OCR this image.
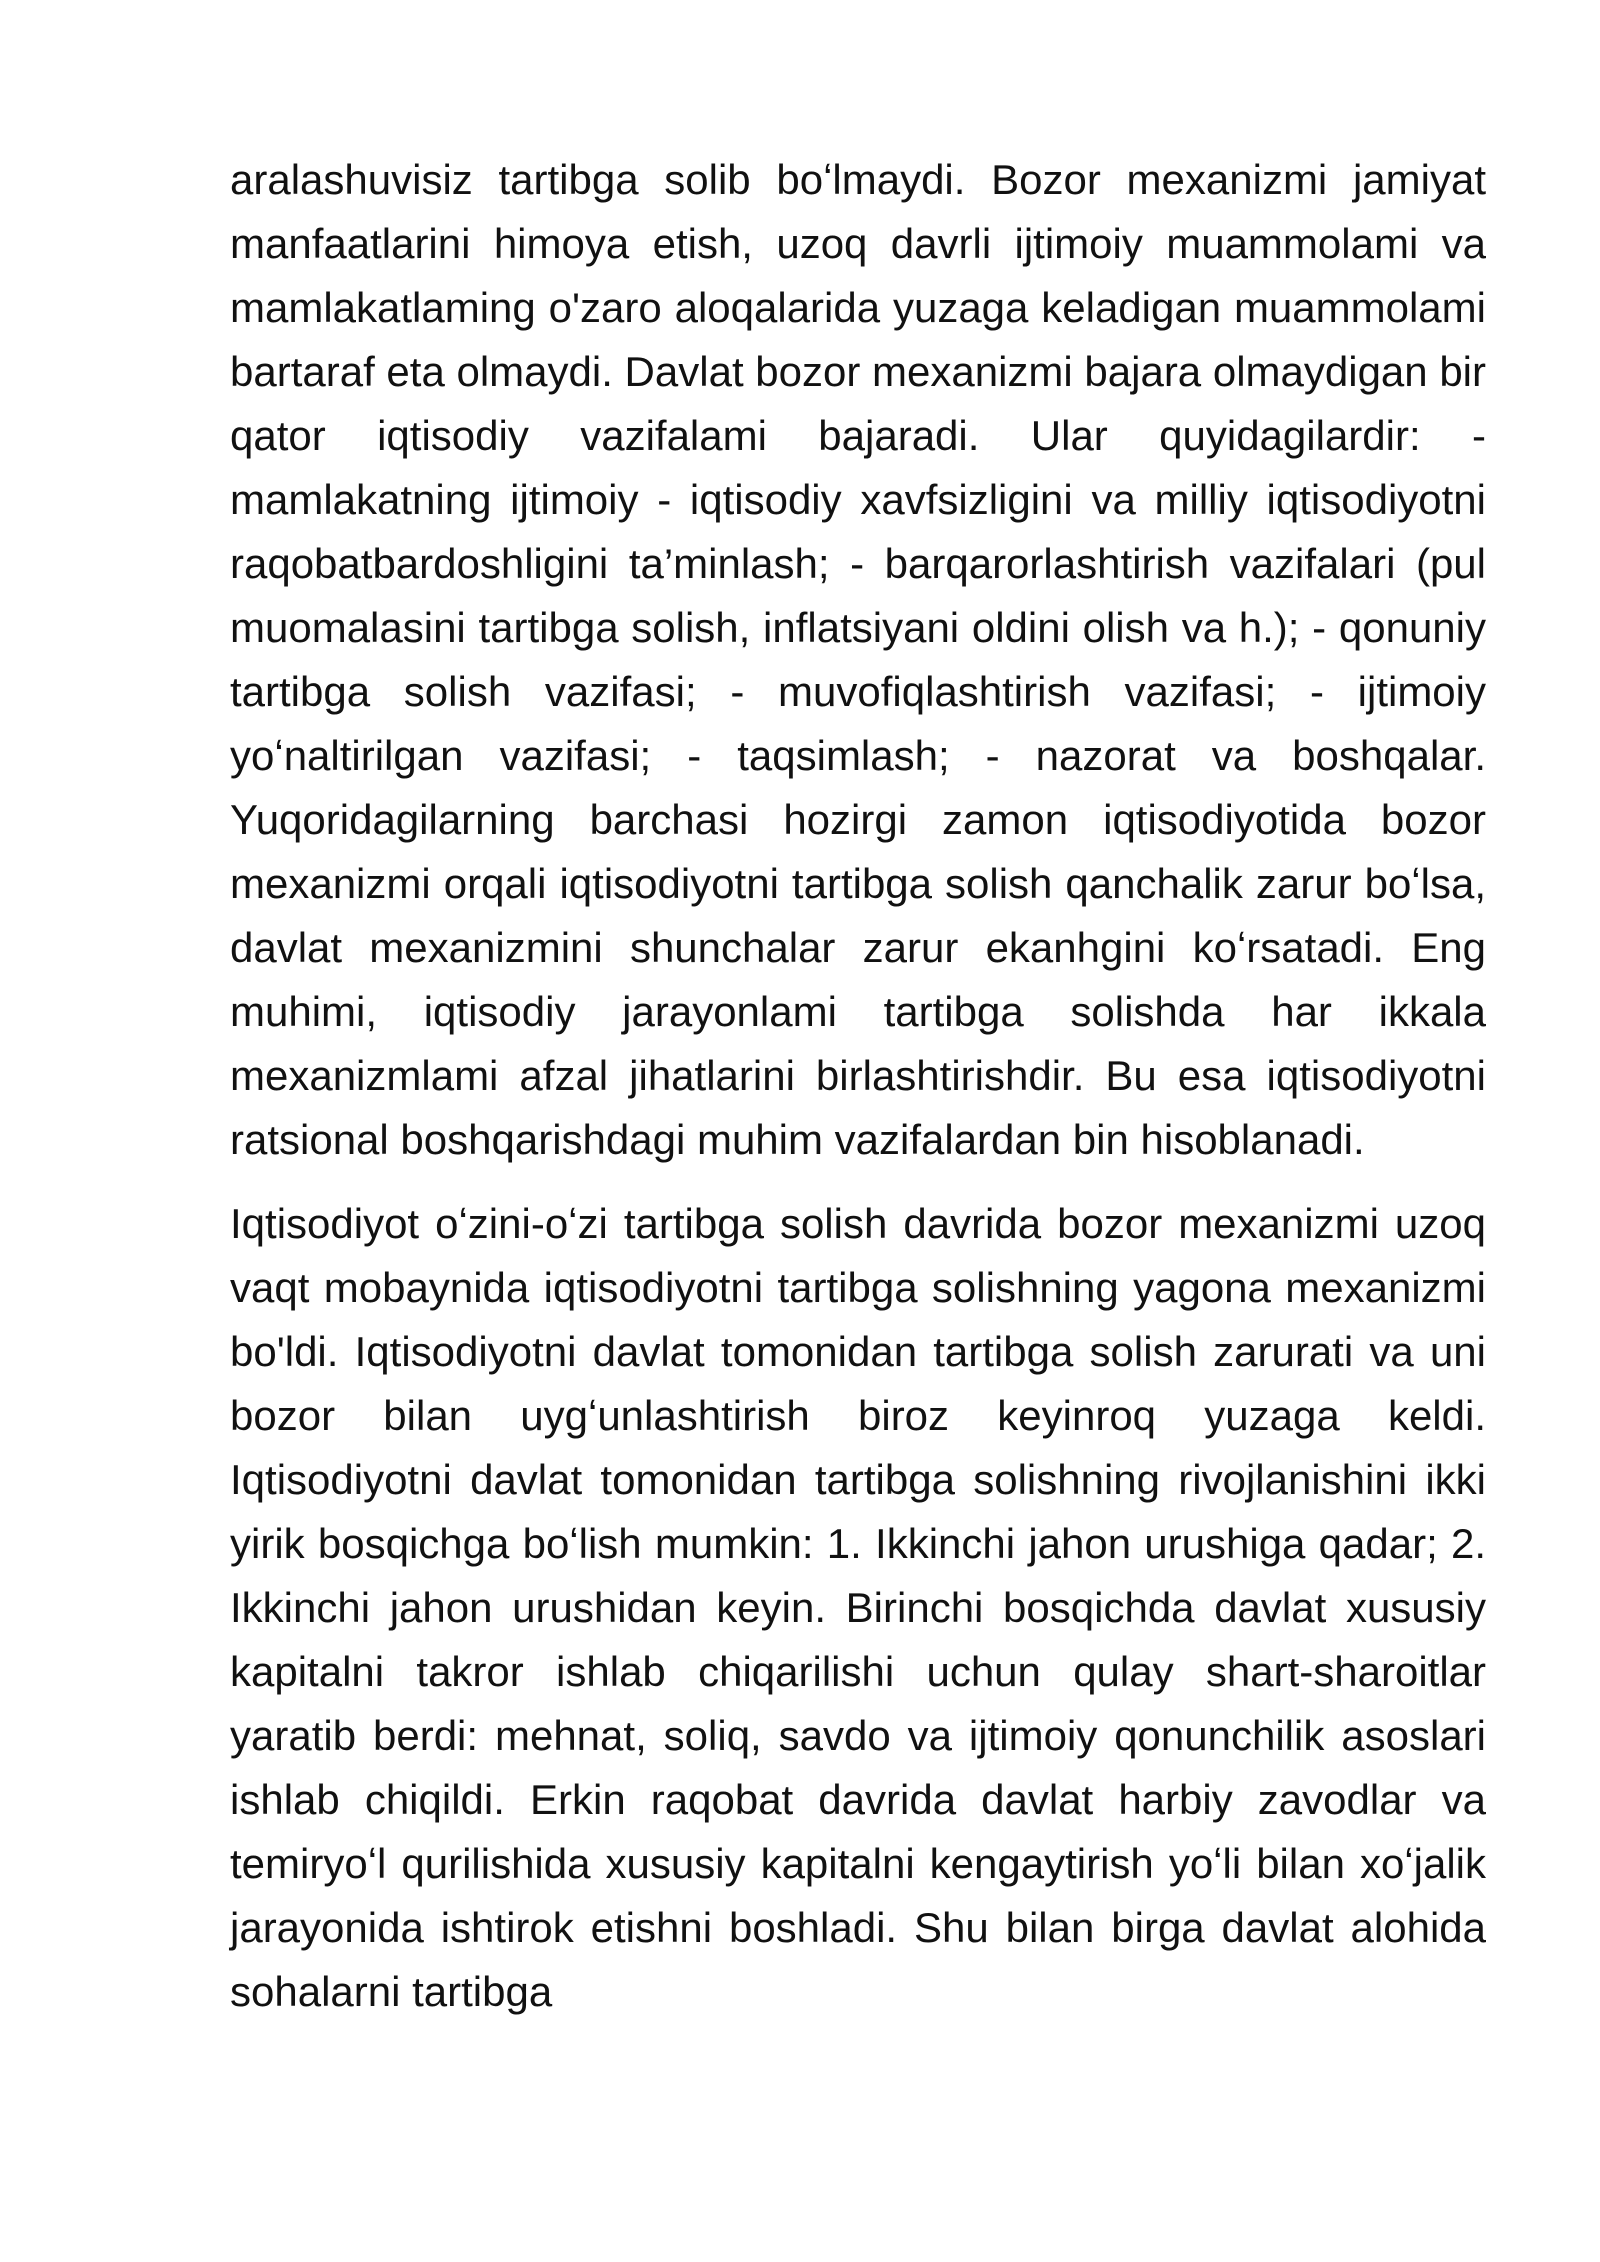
aralashuvisiz tartibga solib boʻlmaydi. Bozor mexanizmi jamiyat manfaatlarini himoya etish, uzoq davrli ijtimoiy muammolami va mamlakatlaming o'zaro aloqalarida yuzaga keladigan muammolami bartaraf eta olmaydi. Davlat bozor mexanizmi bajara olmaydigan bir qator iqtisodiy vazifalami bajaradi. Ular quyidagilardir: - mamlakatning ijtimoiy - iqtisodiy xavfsizligini va milliy iqtisodiyotni raqobatbardoshligini ta’minlash; - barqarorlashtirish vazifalari (pul muomalasini tartibga solish, inflatsiyani oldini olish va h.); - qonuniy tartibga solish vazifasi; - muvofiqlashtirish vazifasi; - ijtimoiy yoʻnaltirilgan vazifasi; - taqsimlash; - nazorat va boshqalar. Yuqoridagilarning barchasi hozirgi zamon iqtisodiyotida bozor mexanizmi orqali iqtisodiyotni tartibga solish qanchalik zarur boʻlsa, davlat mexanizmini shunchalar zarur ekanhgini koʻrsatadi. Eng muhimi, iqtisodiy jarayonlami tartibga solishda har ikkala mexanizmlami afzal jihatlarini birlashtirishdir. Bu esa iqtisodiyotni ratsional boshqarishdagi muhim vazifalardan bin hisoblanadi.

Iqtisodiyot oʻzini-oʻzi tartibga solish davrida bozor mexanizmi uzoq vaqt mobaynida iqtisodiyotni tartibga solishning yagona mexanizmi bo'ldi. Iqtisodiyotni davlat tomonidan tartibga solish zarurati va uni bozor bilan uygʻunlashtirish biroz keyinroq yuzaga keldi. Iqtisodiyotni davlat tomonidan tartibga solishning rivojlanishini ikki yirik bosqichga boʻlish mumkin: 1. Ikkinchi jahon urushiga qadar; 2. Ikkinchi jahon urushidan keyin. Birinchi bosqichda davlat xususiy kapitalni takror ishlab chiqarilishi uchun qulay shart-sharoitlar yaratib berdi: mehnat, soliq, savdo va ijtimoiy qonunchilik asoslari ishlab chiqildi. Erkin raqobat davrida davlat harbiy zavodlar va temiryoʻl qurilishida xususiy kapitalni kengaytirish yoʻli bilan xoʻjalik jarayonida ishtirok etishni boshladi. Shu bilan birga davlat alohida sohalarni tartibga
